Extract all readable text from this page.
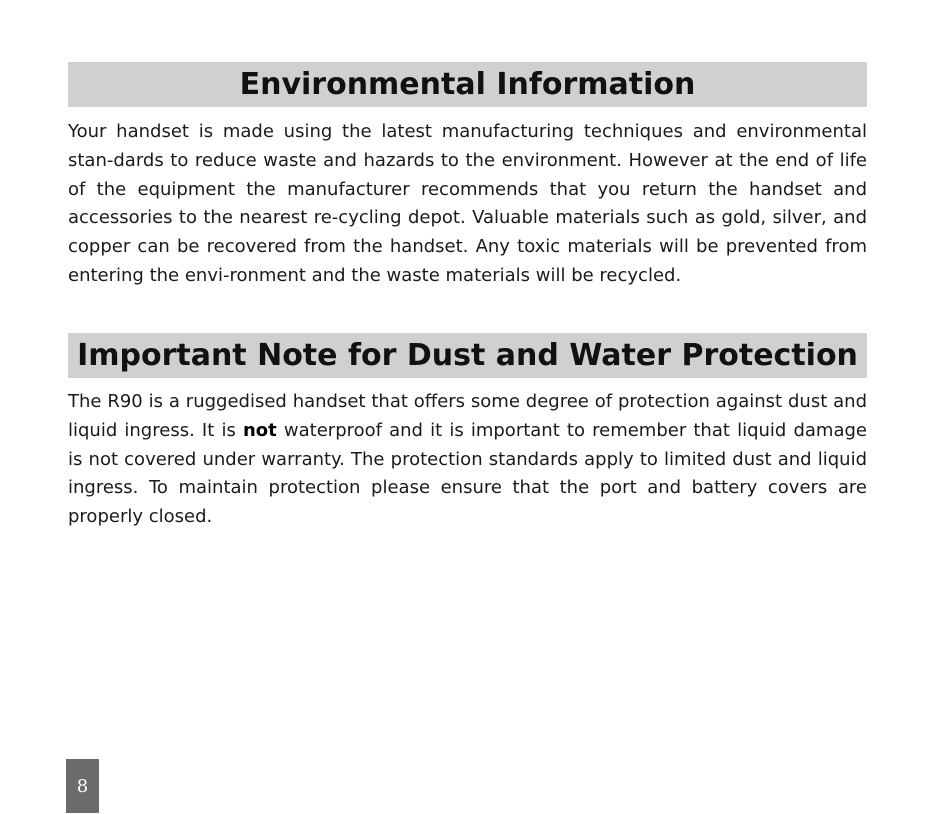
Environmental Information

Your handset is made using the latest manufacturing techniques and environmental stan-dards to reduce waste and hazards to the environment. However at the end of life of the equipment the manufacturer recommends that you return the handset and accessories to the nearest re-cycling depot. Valuable materials such as gold, silver, and copper can be recovered from the handset. Any toxic materials will be prevented from entering the envi-ronment and the waste materials will be recycled.

Important Note for Dust and Water Protection

The R90 is a ruggedised handset that offers some degree of protection against dust and liquid ingress. It is not waterproof and it is important to remember that liquid damage is not covered under warranty. The protection standards apply to limited dust and liquid ingress. To maintain protection please ensure that the port and battery covers are properly closed.

8
